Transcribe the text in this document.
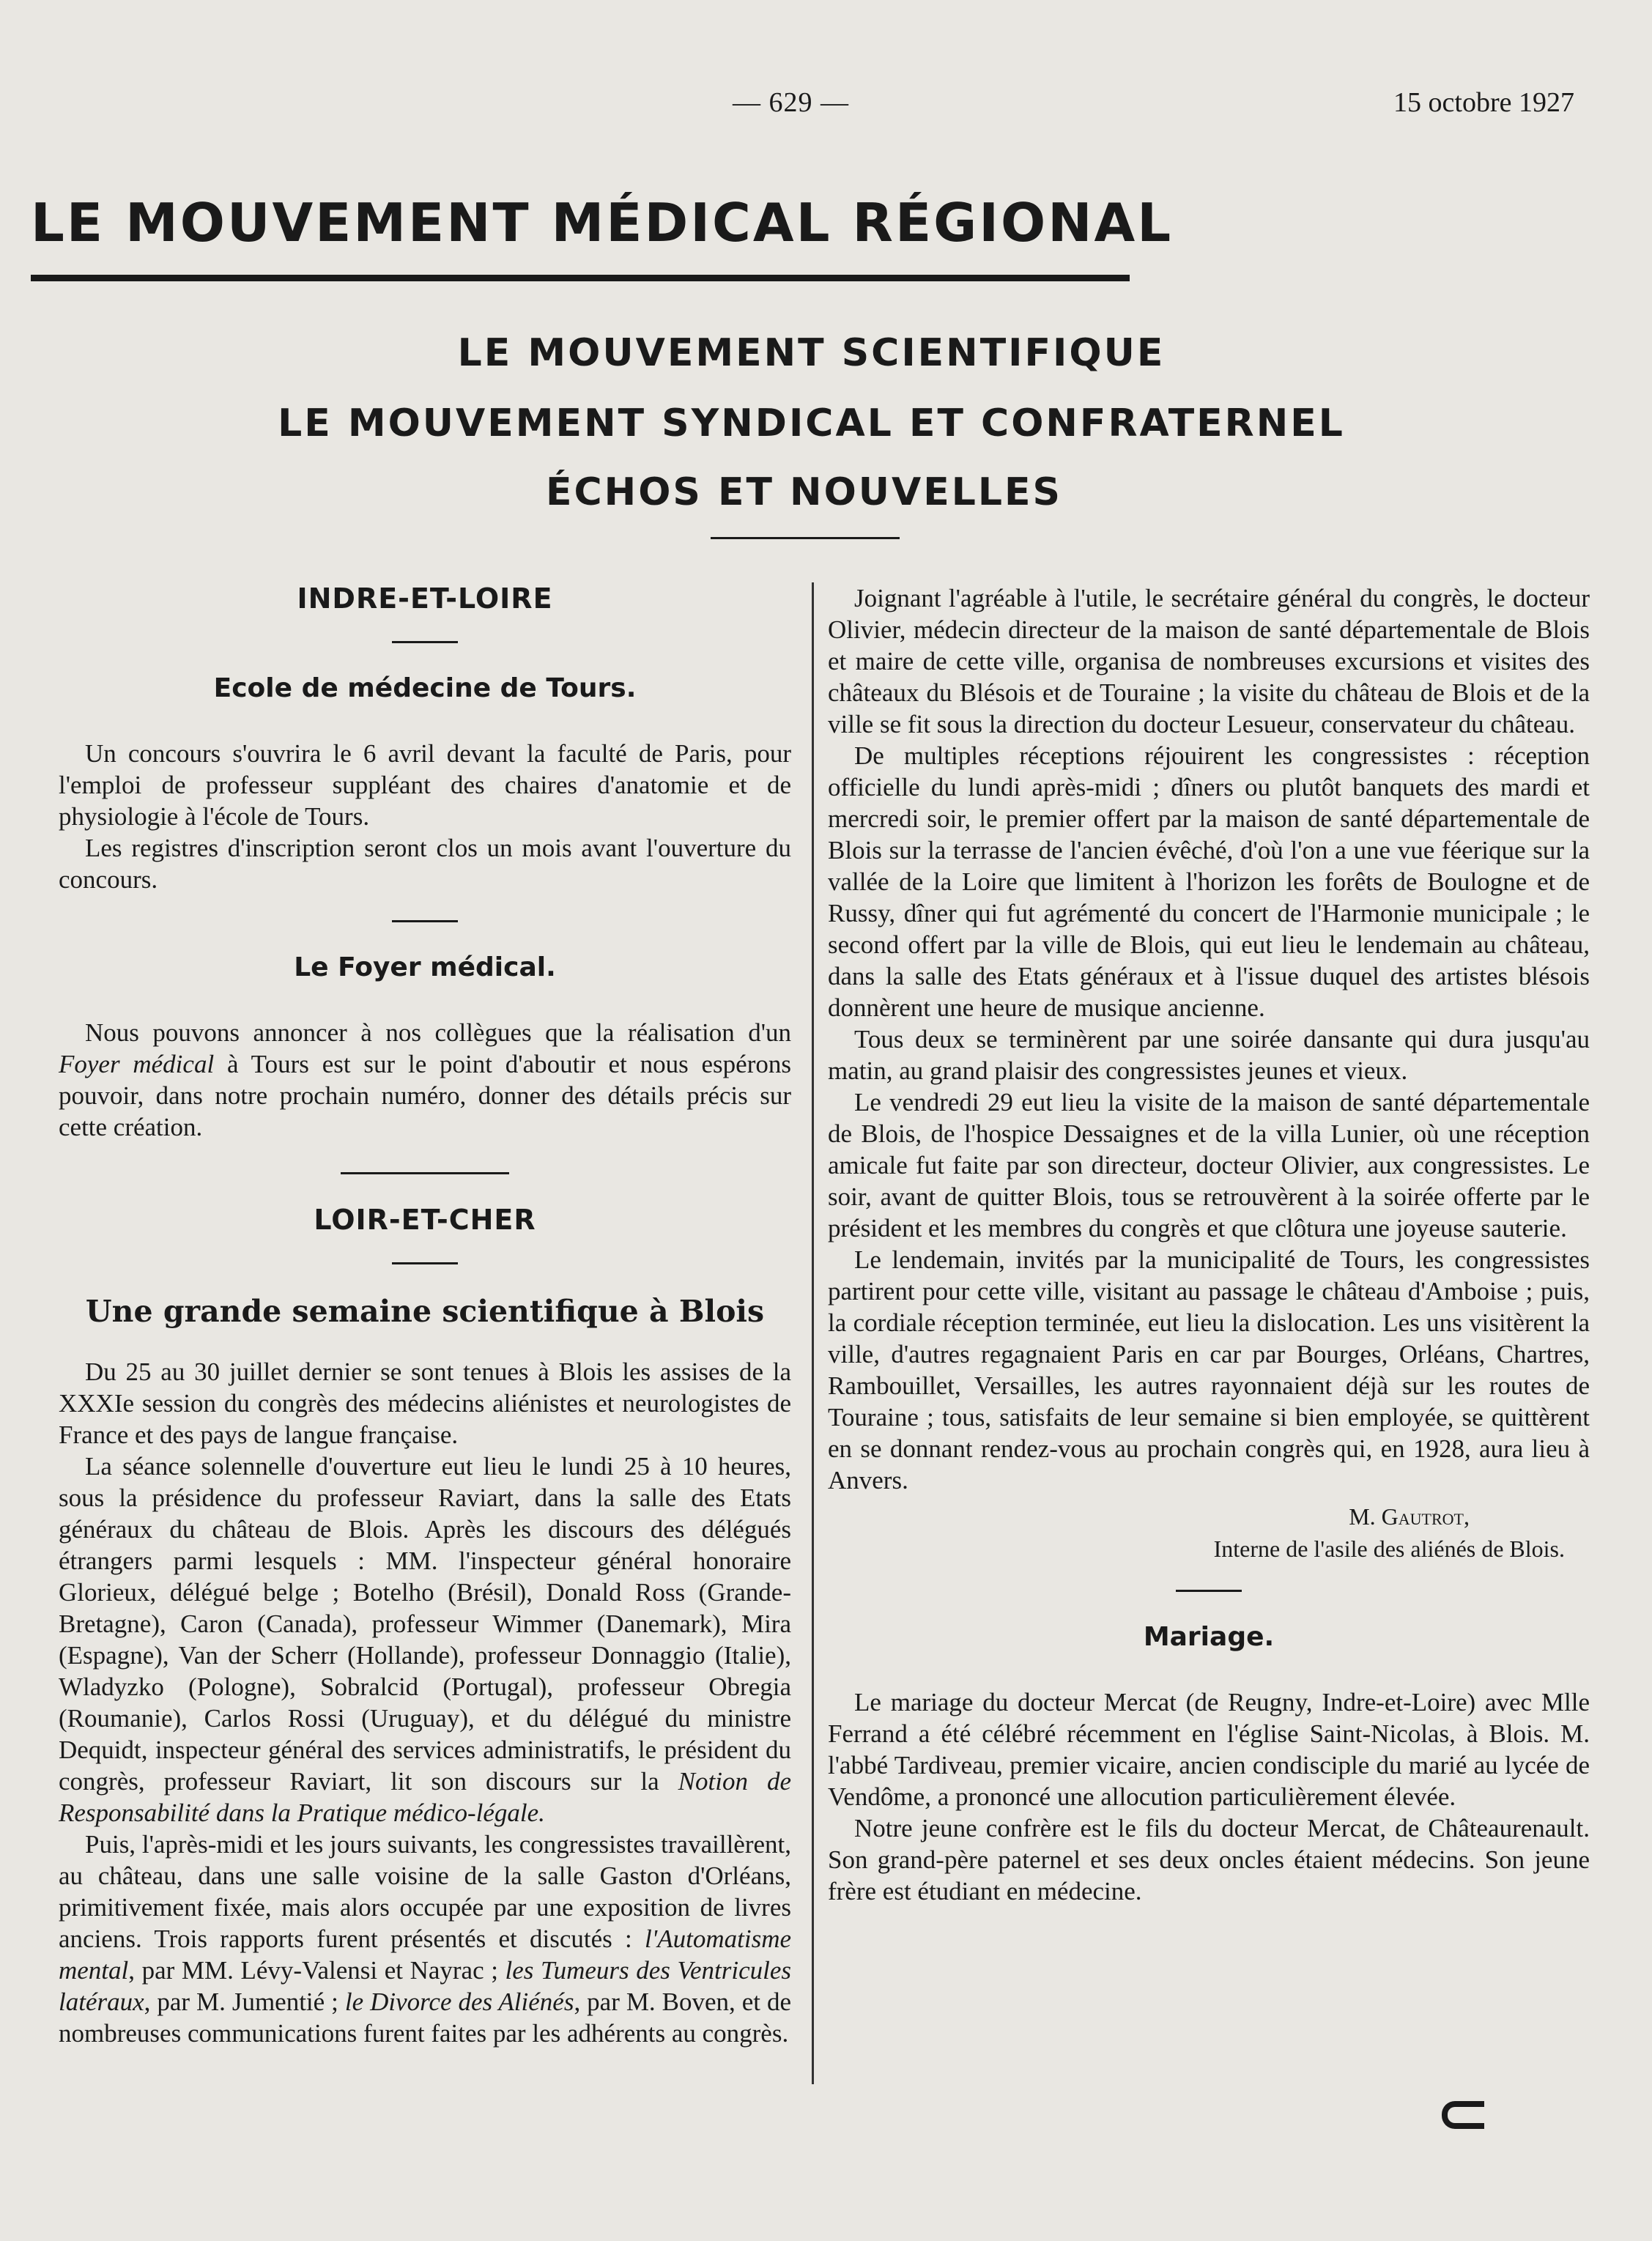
— 629 —	15 octobre 1927
LE MOUVEMENT MÉDICAL RÉGIONAL
LE MOUVEMENT SCIENTIFIQUE
LE MOUVEMENT SYNDICAL ET CONFRATERNEL
ÉCHOS ET NOUVELLES
INDRE-ET-LOIRE
Ecole de médecine de Tours.

Un concours s'ouvrira le 6 avril devant la faculté de Paris, pour l'emploi de professeur suppléant des chaires d'anatomie et de physiologie à l'école de Tours.

Les registres d'inscription seront clos un mois avant l'ouverture du concours.

Le Foyer médical.

Nous pouvons annoncer à nos collègues que la réalisation d'un Foyer médical à Tours est sur le point d'aboutir et nous espérons pouvoir, dans notre prochain numéro, donner des détails précis sur cette création.

LOIR-ET-CHER
Une grande semaine scientifique à Blois

Du 25 au 30 juillet dernier se sont tenues à Blois les assises de la XXXIe session du congrès des médecins aliénistes et neurologistes de France et des pays de langue française.

La séance solennelle d'ouverture eut lieu le lundi 25 à 10 heures, sous la présidence du professeur Raviart, dans la salle des Etats généraux du château de Blois. Après les discours des délégués étrangers parmi lesquels : MM. l'inspecteur général honoraire Glorieux, délégué belge ; Botelho (Brésil), Donald Ross (Grande-Bretagne), Caron (Canada), professeur Wimmer (Danemark), Mira (Espagne), Van der Scherr (Hollande), professeur Donnaggio (Italie), Wladyzko (Pologne), Sobralcid (Portugal), professeur Obregia (Roumanie), Carlos Rossi (Uruguay), et du délégué du ministre Dequidt, inspecteur général des services administratifs, le président du congrès, professeur Raviart, lit son discours sur la Notion de Responsabilité dans la Pratique médico-légale.

Puis, l'après-midi et les jours suivants, les congressistes travaillèrent, au château, dans une salle voisine de la salle Gaston d'Orléans, primitivement fixée, mais alors occupée par une exposition de livres anciens. Trois rapports furent présentés et discutés : l'Automatisme mental, par MM. Lévy-Valensi et Nayrac ; les Tumeurs des Ventricules latéraux, par M. Jumentié ; le Divorce des Aliénés, par M. Boven, et de nombreuses communications furent faites par les adhérents au congrès.

Joignant l'agréable à l'utile, le secrétaire général du congrès, le docteur Olivier, médecin directeur de la maison de santé départementale de Blois et maire de cette ville, organisa de nombreuses excursions et visites des châteaux du Blésois et de Touraine ; la visite du château de Blois et de la ville se fit sous la direction du docteur Lesueur, conservateur du château.

De multiples réceptions réjouirent les congressistes : réception officielle du lundi après-midi ; dîners ou plutôt banquets des mardi et mercredi soir, le premier offert par la maison de santé départementale de Blois sur la terrasse de l'ancien évêché, d'où l'on a une vue féerique sur la vallée de la Loire que limitent à l'horizon les forêts de Boulogne et de Russy, dîner qui fut agrémenté du concert de l'Harmonie municipale ; le second offert par la ville de Blois, qui eut lieu le lendemain au château, dans la salle des Etats généraux et à l'issue duquel des artistes blésois donnèrent une heure de musique ancienne.

Tous deux se terminèrent par une soirée dansante qui dura jusqu'au matin, au grand plaisir des congressistes jeunes et vieux.

Le vendredi 29 eut lieu la visite de la maison de santé départementale de Blois, de l'hospice Dessaignes et de la villa Lunier, où une réception amicale fut faite par son directeur, docteur Olivier, aux congressistes. Le soir, avant de quitter Blois, tous se retrouvèrent à la soirée offerte par le président et les membres du congrès et que clôtura une joyeuse sauterie.

Le lendemain, invités par la municipalité de Tours, les congressistes partirent pour cette ville, visitant au passage le château d'Amboise ; puis, la cordiale réception terminée, eut lieu la dislocation. Les uns visitèrent la ville, d'autres regagnaient Paris en car par Bourges, Orléans, Chartres, Rambouillet, Versailles, les autres rayonnaient déjà sur les routes de Touraine ; tous, satisfaits de leur semaine si bien employée, se quittèrent en se donnant rendez-vous au prochain congrès qui, en 1928, aura lieu à Anvers.

M. Gautrot,
Interne de l'asile des aliénés de Blois.
Mariage.

Le mariage du docteur Mercat (de Reugny, Indre-et-Loire) avec Mlle Ferrand a été célébré récemment en l'église Saint-Nicolas, à Blois. M. l'abbé Tardiveau, premier vicaire, ancien condisciple du marié au lycée de Vendôme, a prononcé une allocution particulièrement élevée.

Notre jeune confrère est le fils du docteur Mercat, de Châteaurenault. Son grand-père paternel et ses deux oncles étaient médecins. Son jeune frère est étudiant en médecine.
